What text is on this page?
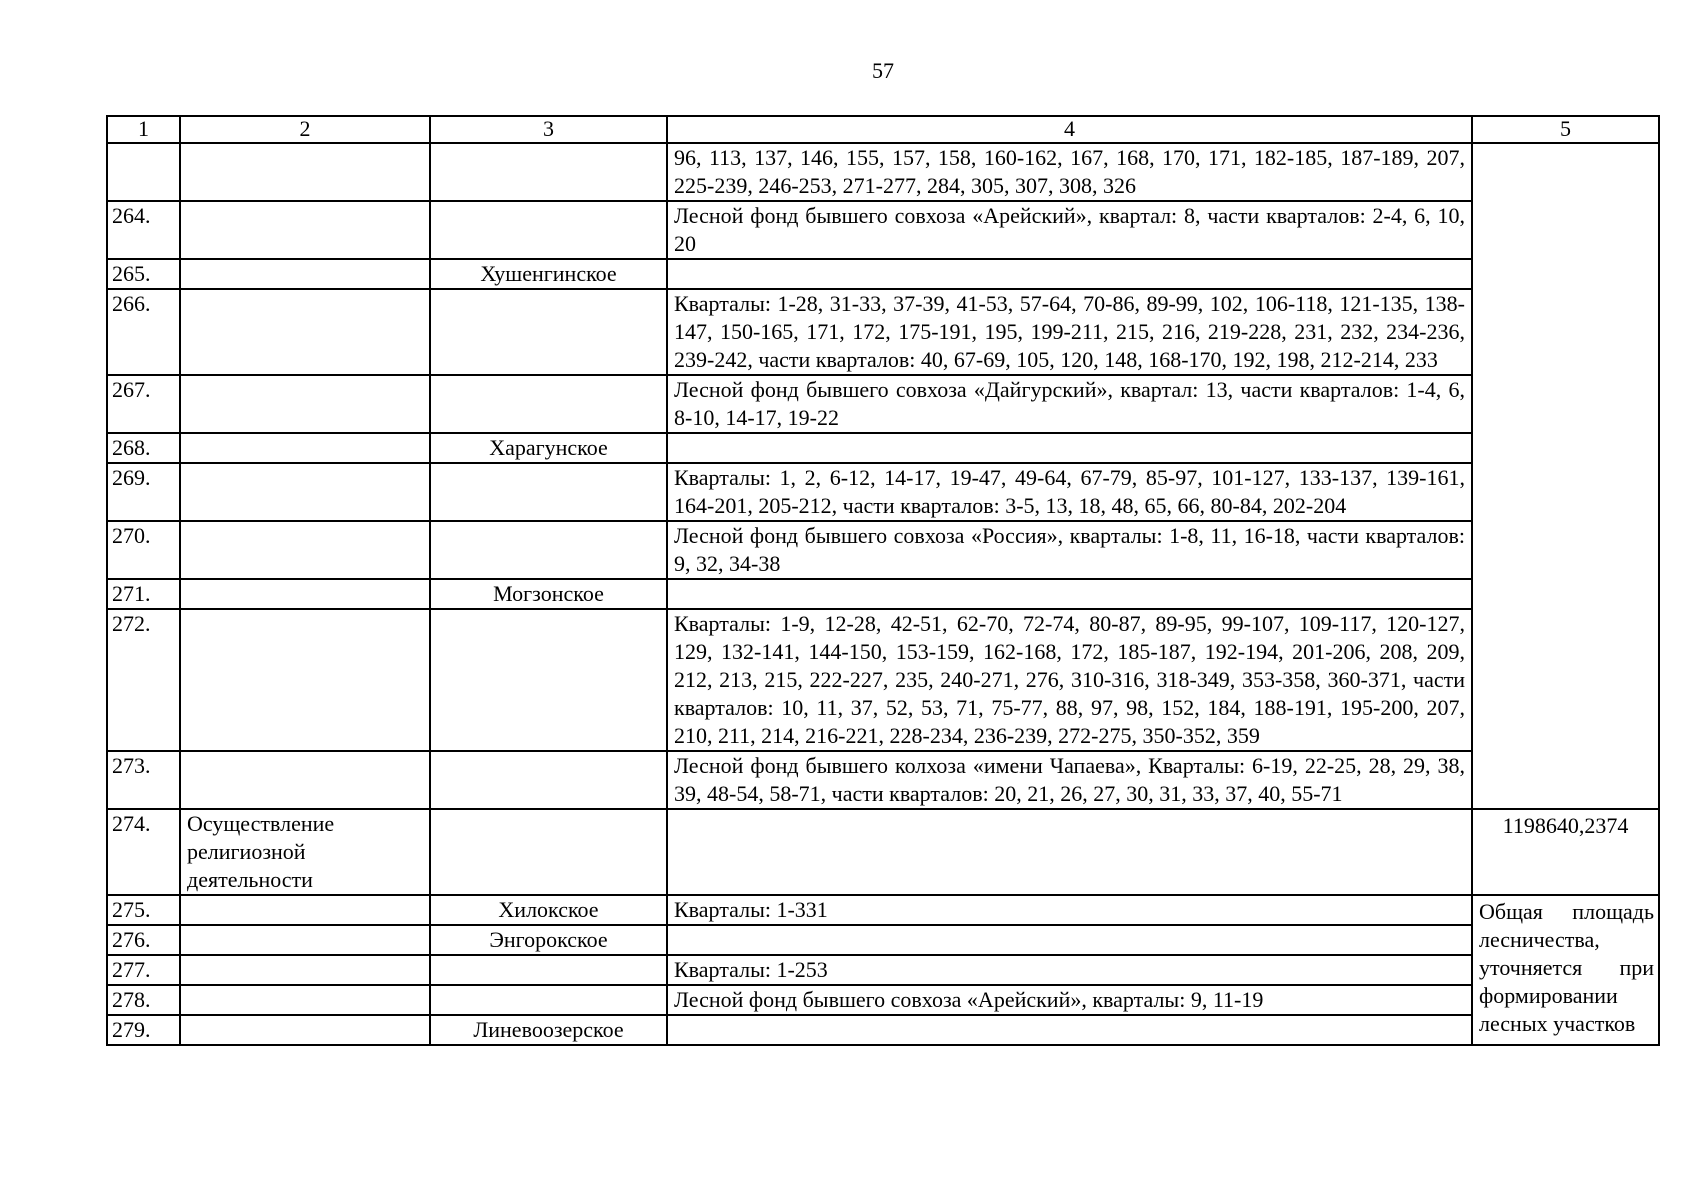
57
1	2	3	4	5
			96, 113, 137, 146, 155, 157, 158, 160-162, 167, 168, 170, 171, 182-185, 187-189, 207, 225-239, 246-253, 271-277, 284, 305, 307, 308, 326	
264.			Лесной фонд бывшего совхоза «Арейский», квартал: 8, части кварталов: 2-4, 6, 10, 20	
265.		Хушенгинское		
266.			Кварталы: 1-28, 31-33, 37-39, 41-53, 57-64, 70-86, 89-99, 102, 106-118, 121-135, 138-147, 150-165, 171, 172, 175-191, 195, 199-211, 215, 216, 219-228, 231, 232, 234-236, 239-242, части кварталов: 40, 67-69, 105, 120, 148, 168-170, 192, 198, 212-214, 233	
267.			Лесной фонд бывшего совхоза «Дайгурский», квартал: 13, части кварталов: 1-4, 6, 8-10, 14-17, 19-22	
268.		Харагунское		
269.			Кварталы: 1, 2, 6-12, 14-17, 19-47, 49-64, 67-79, 85-97, 101-127, 133-137, 139-161, 164-201, 205-212, части кварталов: 3-5, 13, 18, 48, 65, 66, 80-84, 202-204	
270.			Лесной фонд бывшего совхоза «Россия», кварталы: 1-8, 11, 16-18, части кварталов: 9, 32, 34-38	
271.		Могзонское		
272.			Кварталы: 1-9, 12-28, 42-51, 62-70, 72-74, 80-87, 89-95, 99-107, 109-117, 120-127, 129, 132-141, 144-150, 153-159, 162-168, 172, 185-187, 192-194, 201-206, 208, 209, 212, 213, 215, 222-227, 235, 240-271, 276, 310-316, 318-349, 353-358, 360-371, части кварталов: 10, 11, 37, 52, 53, 71, 75-77, 88, 97, 98, 152, 184, 188-191, 195-200, 207, 210, 211, 214, 216-221, 228-234, 236-239, 272-275, 350-352, 359	
273.			Лесной фонд бывшего колхоза «имени Чапаева», Кварталы: 6-19, 22-25, 28, 29, 38, 39, 48-54, 58-71, части кварталов: 20, 21, 26, 27, 30, 31, 33, 37, 40, 55-71	
274.	Осуществление религиозной деятельности			1198640,2374
275.		Хилокское	Кварталы: 1-331	Общая площадь лесничества, уточняется при формировании лесных участков
276.		Энгорокское		
277.			Кварталы: 1-253	
278.			Лесной фонд бывшего совхоза «Арейский», кварталы: 9, 11-19	
279.		Линевоозерское		
